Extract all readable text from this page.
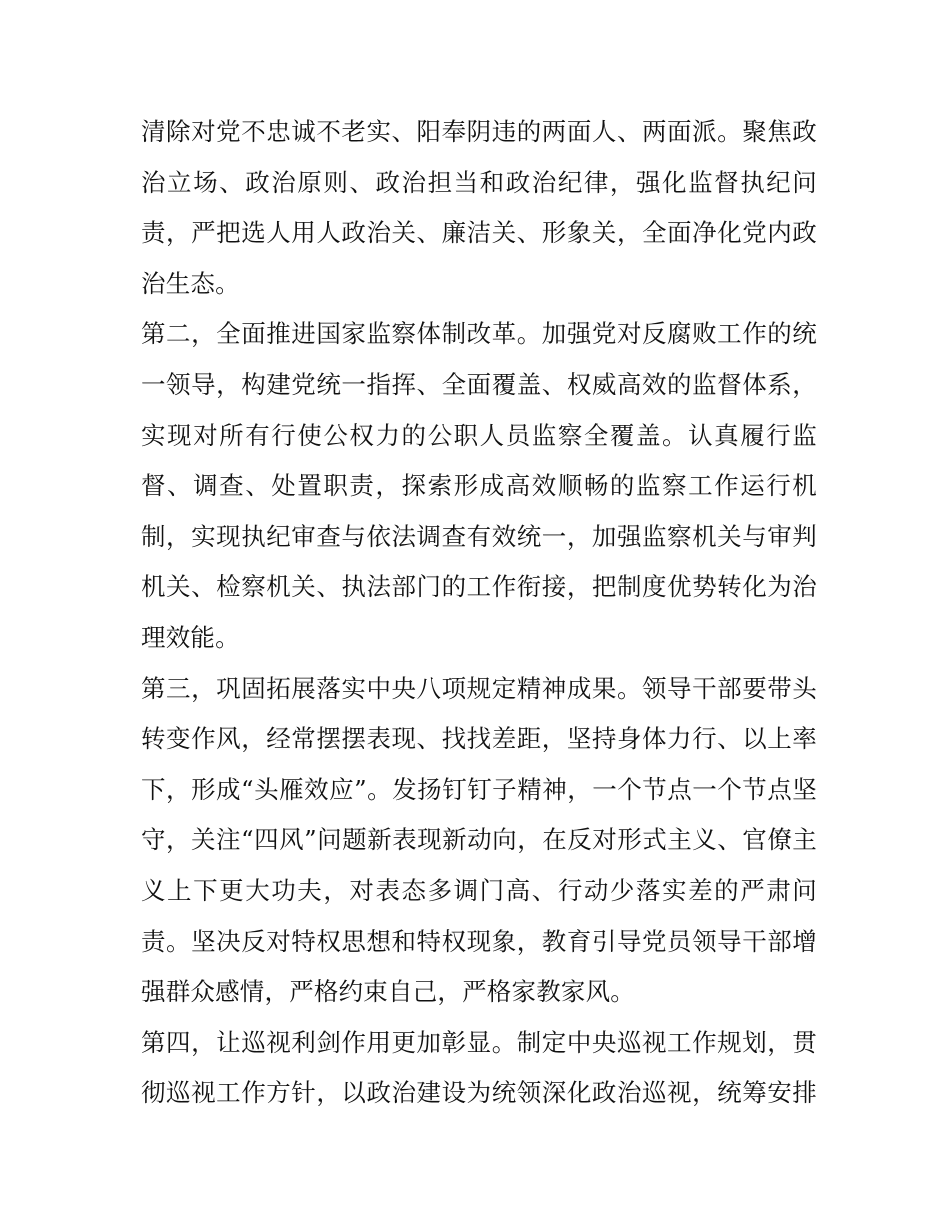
清除对党不忠诚不老实、阳奉阴违的两面人、两面派。聚焦政
治立场、政治原则、政治担当和政治纪律，强化监督执纪问
责，严把选人用人政治关、廉洁关、形象关，全面净化党内政
治生态。
第二，全面推进国家监察体制改革。加强党对反腐败工作的统
一领导，构建党统一指挥、全面覆盖、权威高效的监督体系，
实现对所有行使公权力的公职人员监察全覆盖。认真履行监
督、调查、处置职责，探索形成高效顺畅的监察工作运行机
制，实现执纪审查与依法调查有效统一，加强监察机关与审判
机关、检察机关、执法部门的工作衔接，把制度优势转化为治
理效能。
第三，巩固拓展落实中央八项规定精神成果。领导干部要带头
转变作风，经常摆摆表现、找找差距，坚持身体力行、以上率
下，形成“头雁效应”。发扬钉钉子精神，一个节点一个节点坚
守，关注“四风”问题新表现新动向，在反对形式主义、官僚主
义上下更大功夫，对表态多调门高、行动少落实差的严肃问
责。坚决反对特权思想和特权现象，教育引导党员领导干部增
强群众感情，严格约束自己，严格家教家风。
第四，让巡视利剑作用更加彰显。制定中央巡视工作规划，贯
彻巡视工作方针，以政治建设为统领深化政治巡视，统筹安排
